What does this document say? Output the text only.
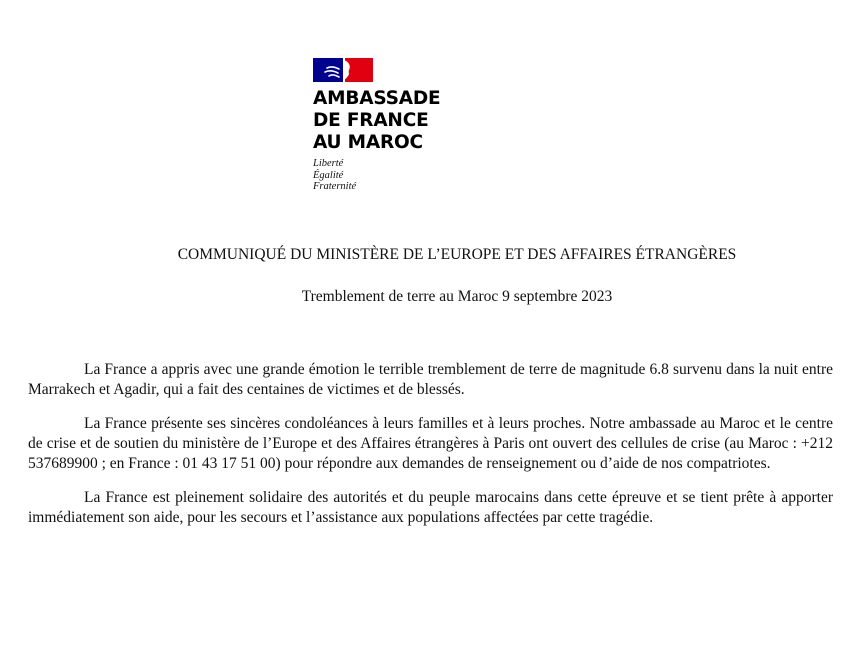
AMBASSADE
DE FRANCE
AU MAROC
Liberté
Égalité
Fraternité
COMMUNIQUÉ DU MINISTÈRE DE L’EUROPE ET DES AFFAIRES ÉTRANGÈRES
Tremblement de terre au Maroc 9 septembre 2023

La France a appris avec une grande émotion le terrible tremblement de terre de magnitude 6.8 survenu dans la nuit entre Marrakech et Agadir, qui a fait des centaines de victimes et de blessés.

La France présente ses sincères condoléances à leurs familles et à leurs proches. Notre ambassade au Maroc et le centre de crise et de soutien du ministère de l’Europe et des Affaires étrangères à Paris ont ouvert des cellules de crise (au Maroc : +212 537689900 ; en France : 01 43 17 51 00) pour répondre aux demandes de renseignement ou d’aide de nos compatriotes.

La France est pleinement solidaire des autorités et du peuple marocains dans cette épreuve et se tient prête à apporter immédiatement son aide, pour les secours et l’assistance aux populations affectées par cette tragédie.
